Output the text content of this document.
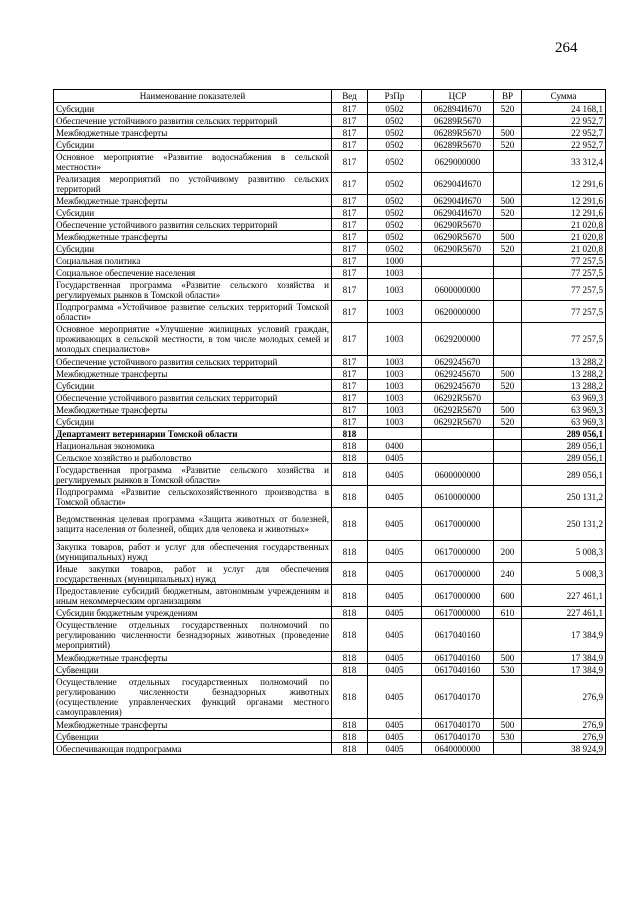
264
Наименование показателей	Вед	РзПр	ЦСР	ВР	Сумма
Субсидии	817	0502	062894И670	520	24 168,1
Обеспечение устойчивого развития сельских территорий	817	0502	06289R5670		22 952,7
Межбюджетные трансферты	817	0502	06289R5670	500	22 952,7
Субсидии	817	0502	06289R5670	520	22 952,7
Основное мероприятие «Развитие водоснабжения в сельской местности»	817	0502	0629000000		33 312,4
Реализация мероприятий по устойчивому развитию сельских территорий	817	0502	062904И670		12 291,6
Межбюджетные трансферты	817	0502	062904И670	500	12 291,6
Субсидии	817	0502	062904И670	520	12 291,6
Обеспечение устойчивого развития сельских территорий	817	0502	06290R5670		21 020,8
Межбюджетные трансферты	817	0502	06290R5670	500	21 020,8
Субсидии	817	0502	06290R5670	520	21 020,8
Социальная политика	817	1000			77 257,5
Социальное обеспечение населения	817	1003			77 257,5
Государственная программа «Развитие сельского хозяйства и регулируемых рынков в Томской области»	817	1003	0600000000		77 257,5
Подпрограмма «Устойчивое развитие сельских территорий Томской области»	817	1003	0620000000		77 257,5
Основное мероприятие «Улучшение жилищных условий граждан, проживающих в сельской местности, в том числе молодых семей и молодых специалистов»	817	1003	0629200000		77 257,5
Обеспечение устойчивого развития сельских территорий	817	1003	0629245670		13 288,2
Межбюджетные трансферты	817	1003	0629245670	500	13 288,2
Субсидии	817	1003	0629245670	520	13 288,2
Обеспечение устойчивого развития сельских территорий	817	1003	06292R5670		63 969,3
Межбюджетные трансферты	817	1003	06292R5670	500	63 969,3
Субсидии	817	1003	06292R5670	520	63 969,3
Департамент ветеринарии Томской области	818				289 056,1
Национальная экономика	818	0400			289 056,1
Сельское хозяйство и рыболовство	818	0405			289 056,1
Государственная программа «Развитие сельского хозяйства и регулируемых рынков в Томской области»	818	0405	0600000000		289 056,1
Подпрограмма «Развитие сельскохозяйственного производства в Томской области»	818	0405	0610000000		250 131,2
Ведомственная целевая программа «Защита животных от болезней, защита населения от болезней, общих для человека и животных»	818	0405	0617000000		250 131,2
Закупка товаров, работ и услуг для обеспечения государственных (муниципальных) нужд	818	0405	0617000000	200	5 008,3
Иные закупки товаров, работ и услуг для обеспечения государственных (муниципальных) нужд	818	0405	0617000000	240	5 008,3
Предоставление субсидий бюджетным, автономным учреждениям и иным некоммерческим организациям	818	0405	0617000000	600	227 461,1
Субсидии бюджетным учреждениям	818	0405	0617000000	610	227 461,1
Осуществление отдельных государственных полномочий по регулированию численности безнадзорных животных (проведение мероприятий)	818	0405	0617040160		17 384,9
Межбюджетные трансферты	818	0405	0617040160	500	17 384,9
Субвенции	818	0405	0617040160	530	17 384,9
Осуществление отдельных государственных полномочий по регулированию численности безнадзорных животных (осуществление управленческих функций органами местного самоуправления)	818	0405	0617040170		276,9
Межбюджетные трансферты	818	0405	0617040170	500	276,9
Субвенции	818	0405	0617040170	530	276,9
Обеспечивающая подпрограмма	818	0405	0640000000		38 924,9
